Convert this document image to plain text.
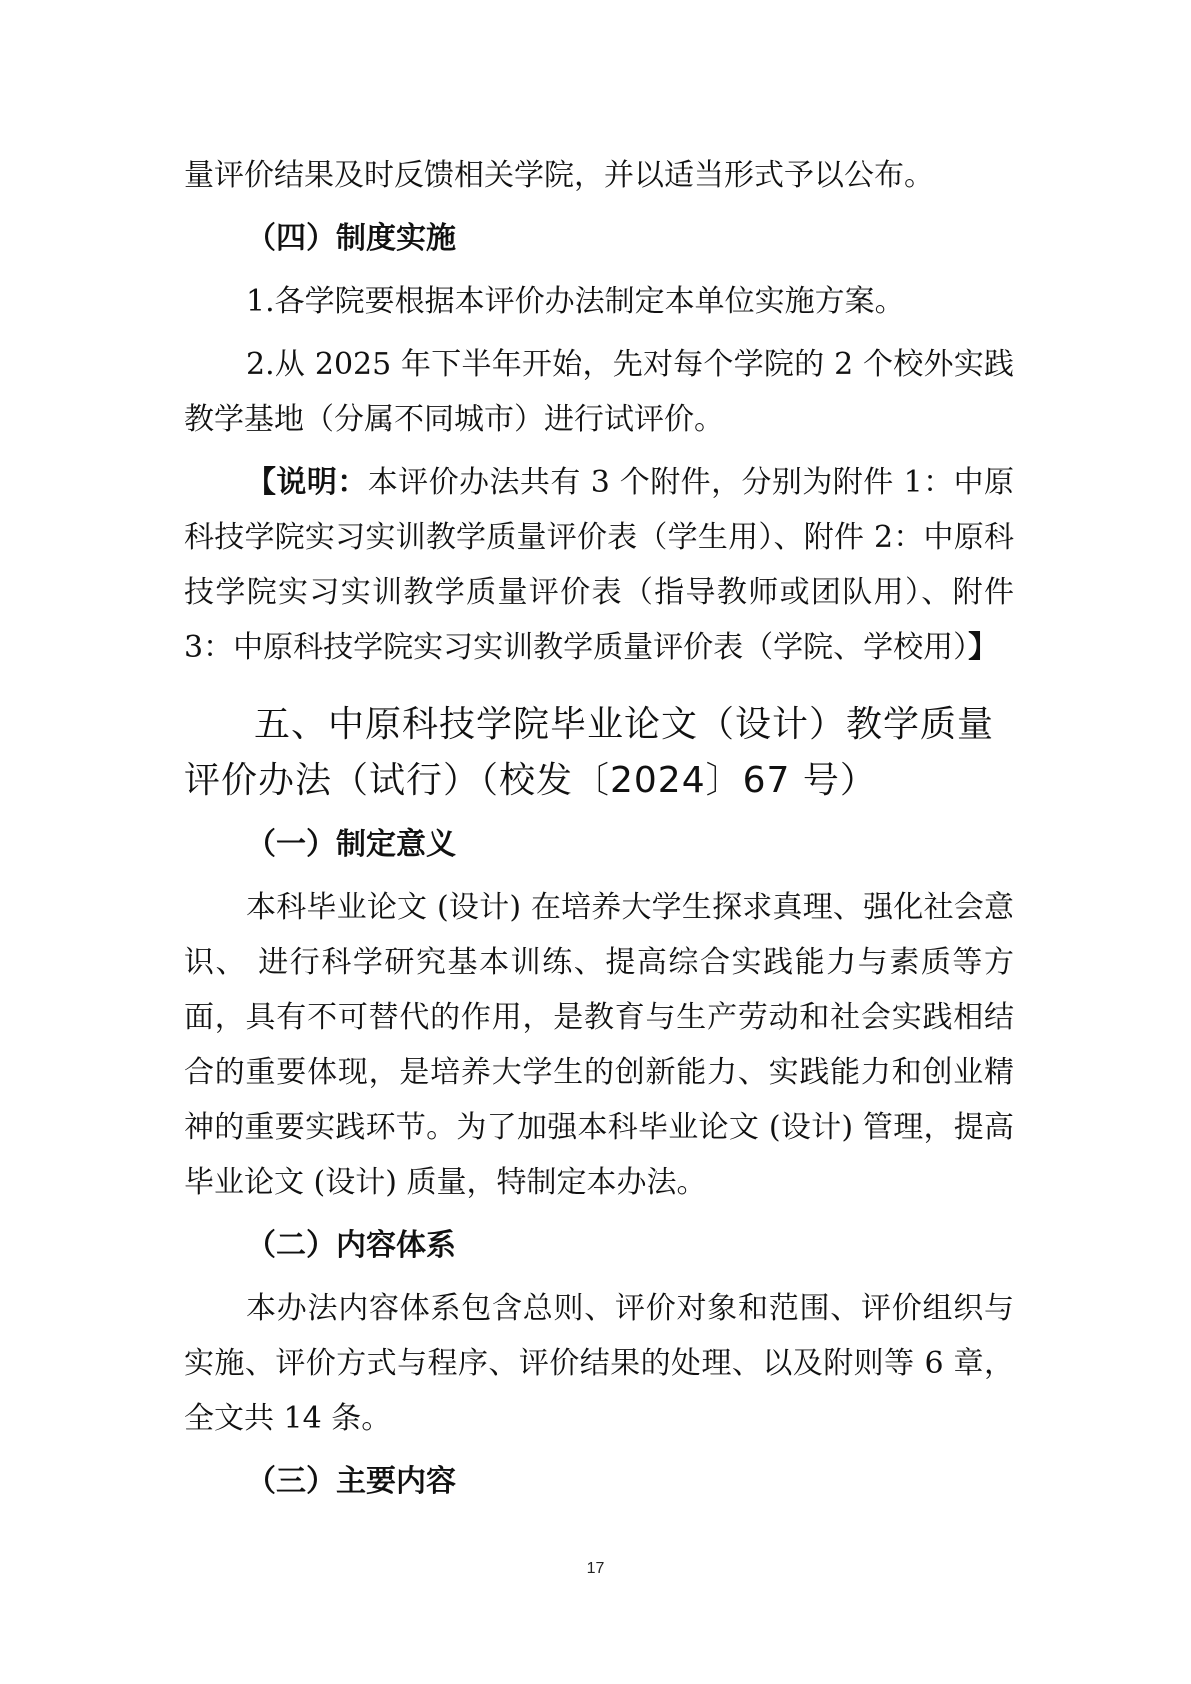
量评价结果及时反馈相关学院，并以适当形式予以公布。

（四）制度实施

1.各学院要根据本评价办法制定本单位实施方案。

2.从 2025 年下半年开始，先对每个学院的 2 个校外实践教学基地（分属不同城市）进行试评价。

【说明：本评价办法共有 3 个附件，分别为附件 1：中原科技学院实习实训教学质量评价表（学生用）、附件 2：中原科技学院实习实训教学质量评价表（指导教师或团队用）、附件 3：中原科技学院实习实训教学质量评价表（学院、学校用）】

五、中原科技学院毕业论文（设计）教学质量评价办法（试行）（校发〔2024〕67 号）
（一）制定意义

本科毕业论文 (设计) 在培养大学生探求真理、强化社会意识、 进行科学研究基本训练、提高综合实践能力与素质等方面，具有不可替代的作用，是教育与生产劳动和社会实践相结合的重要体现，是培养大学生的创新能力、实践能力和创业精神的重要实践环节。为了加强本科毕业论文 (设计) 管理，提高毕业论文 (设计) 质量，特制定本办法。

（二）内容体系

本办法内容体系包含总则、评价对象和范围、评价组织与实施、评价方式与程序、评价结果的处理、以及附则等 6 章，全文共 14 条。

（三）主要内容
17
